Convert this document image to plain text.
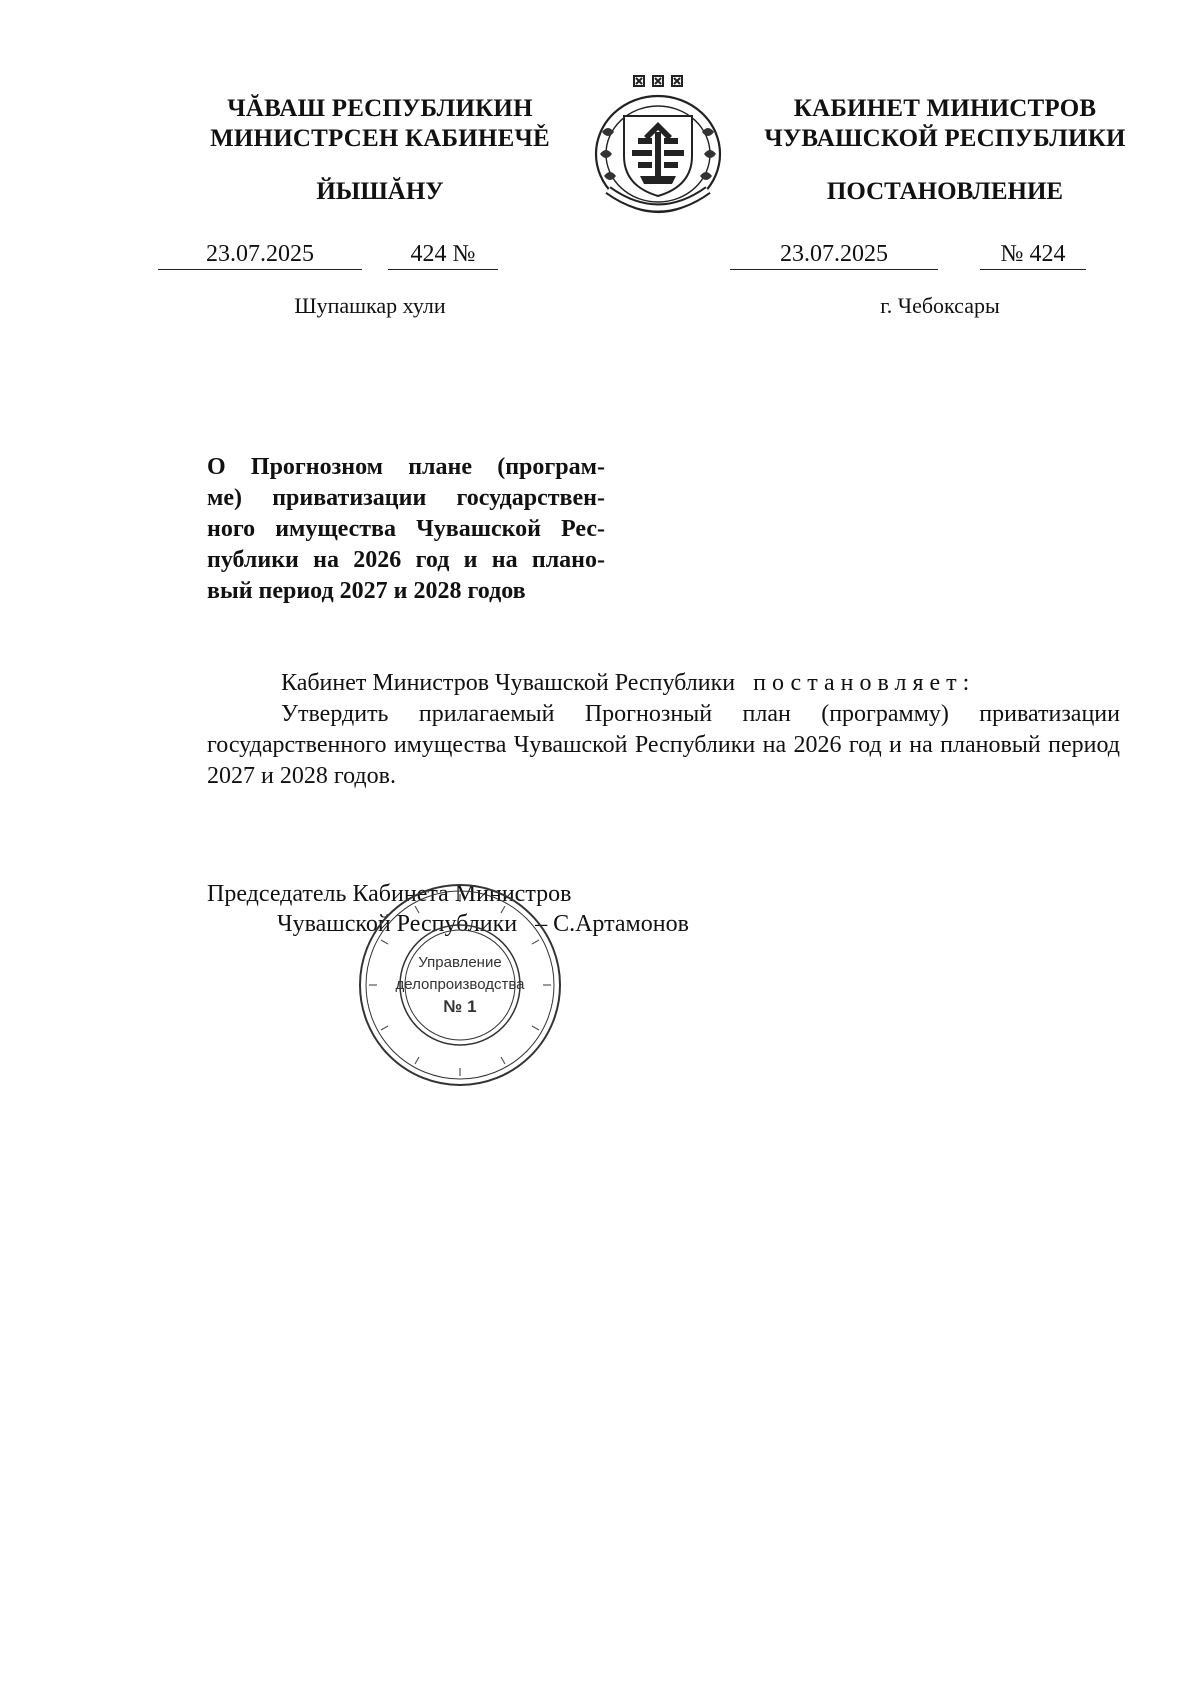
ЧĂВАШ РЕСПУБЛИКИН
МИНИСТРСЕН КАБИНЕЧĚ
ЙЫШĂНУ
КАБИНЕТ МИНИСТРОВ
ЧУВАШСКОЙ РЕСПУБЛИКИ
ПОСТАНОВЛЕНИЕ
23.07.2025	424 №	23.07.2025	№ 424
Шупашкар хули	г. Чебоксары
О Прогнозном плане (програм-
ме) приватизации государствен-
ного имущества Чувашской Рес-
публики на 2026 год и на плано-
вый период 2027 и 2028 годов
Кабинет Министров Чувашской Республики постановляет:
Утвердить прилагаемый Прогнозный план (программу) приватизации государственного имущества Чувашской Республики на 2026 год и на плановый период 2027 и 2028 годов.
Председатель Кабинета Министров
Чувашской Республики   – С.Артамонов
Управление
делопроизводства
№ 1
